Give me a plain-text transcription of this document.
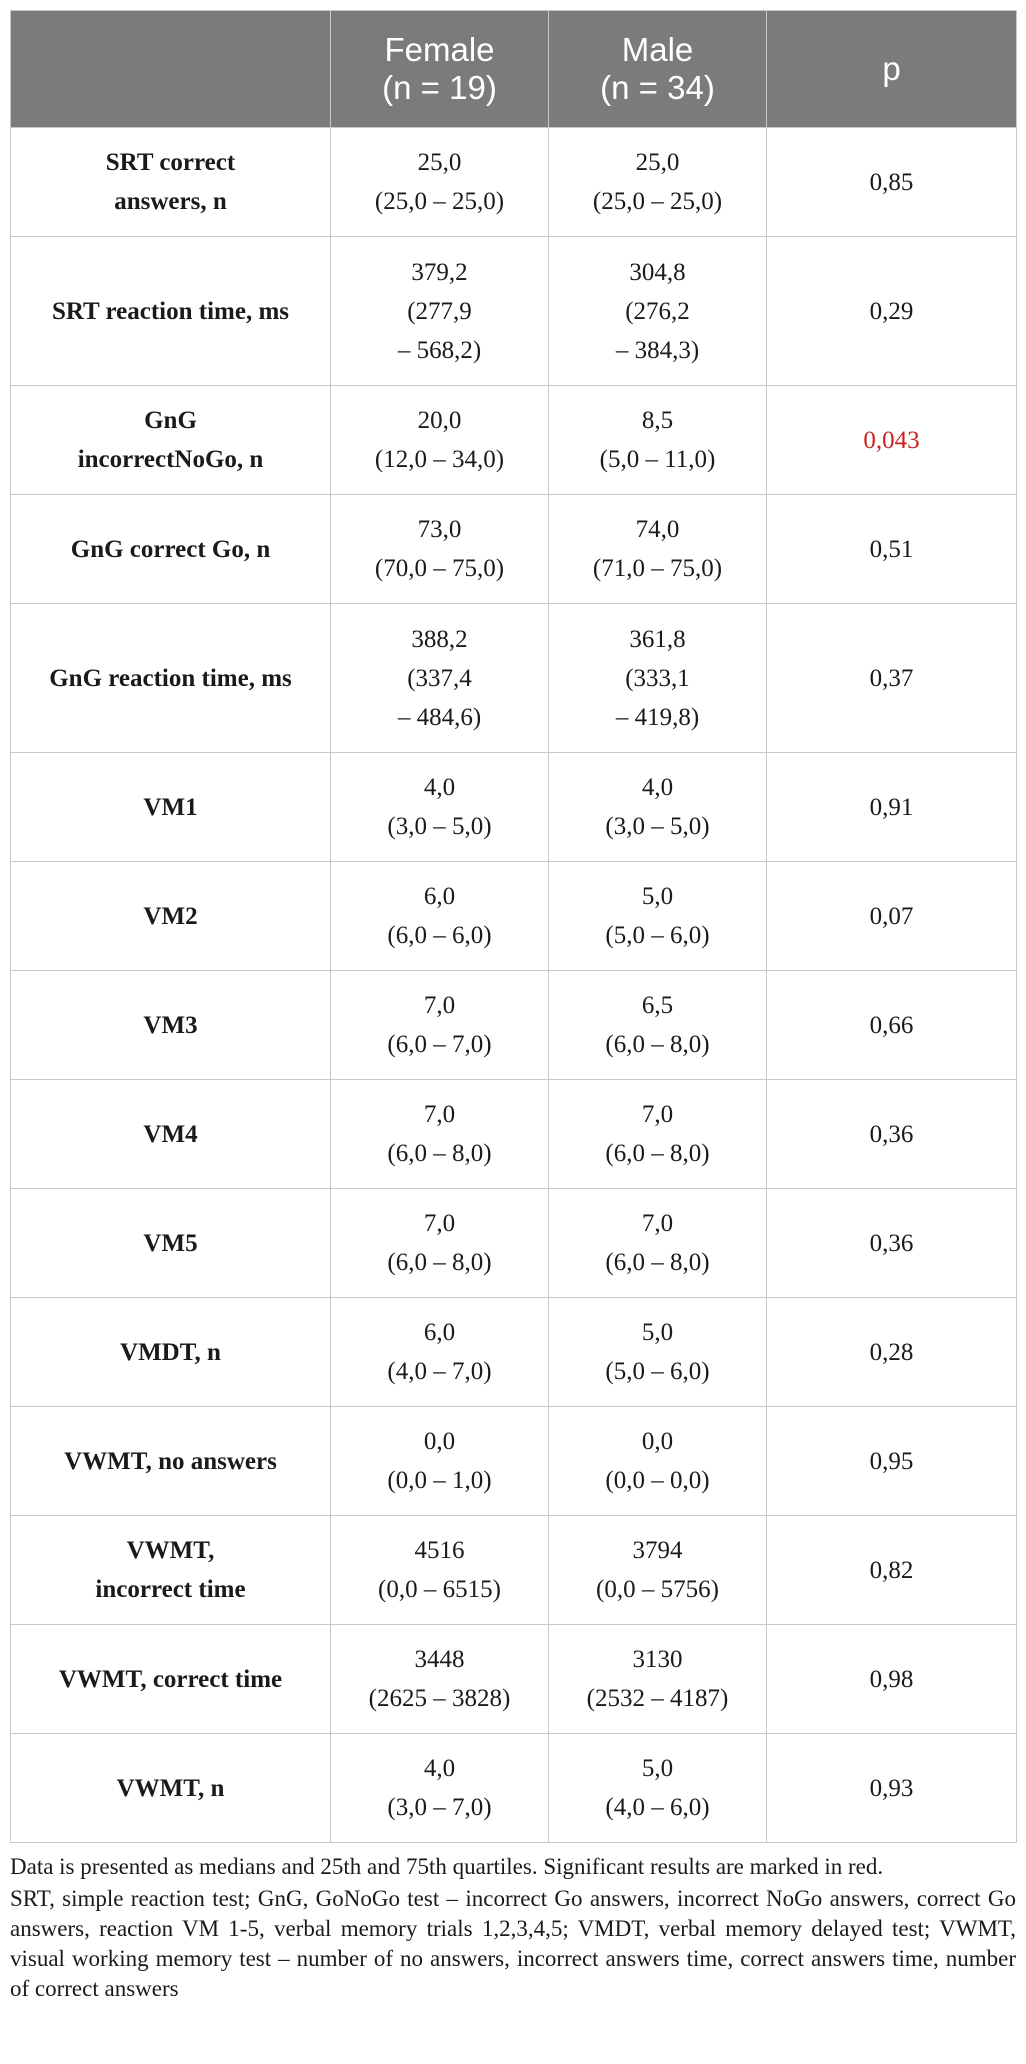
	Female
(n = 19)	Male
(n = 34)	p

SRT correct
answers, n	25,0
(25,0 – 25,0)	25,0
(25,0 – 25,0)	0,85

SRT reaction time, ms	379,2
(277,9
– 568,2)	304,8
(276,2
– 384,3)	0,29

GnG
incorrectNoGo, n	20,0
(12,0 – 34,0)	8,5
(5,0 – 11,0)	0,043

GnG correct Go, n	73,0
(70,0 – 75,0)	74,0
(71,0 – 75,0)	0,51

GnG reaction time, ms	388,2
(337,4
– 484,6)	361,8
(333,1
– 419,8)	0,37

VM1	4,0
(3,0 – 5,0)	4,0
(3,0 – 5,0)	0,91

VM2	6,0
(6,0 – 6,0)	5,0
(5,0 – 6,0)	0,07

VM3	7,0
(6,0 – 7,0)	6,5
(6,0 – 8,0)	0,66

VM4	7,0
(6,0 – 8,0)	7,0
(6,0 – 8,0)	0,36

VM5	7,0
(6,0 – 8,0)	7,0
(6,0 – 8,0)	0,36

VMDT, n	6,0
(4,0 – 7,0)	5,0
(5,0 – 6,0)	0,28

VWMT, no answers	0,0
(0,0 – 1,0)	0,0
(0,0 – 0,0)	0,95

VWMT,
incorrect time	4516
(0,0 – 6515)	3794
(0,0 – 5756)	0,82

VWMT, correct time	3448
(2625 – 3828)	3130
(2532 – 4187)	0,98

VWMT, n	4,0
(3,0 – 7,0)	5,0
(4,0 – 6,0)	0,93

Data is presented as medians and 25th and 75th quartiles. Significant results are marked in red.

SRT, simple reaction test; GnG, GoNoGo test – incorrect Go answers, incorrect NoGo answers, correct Go answers, reaction VM 1-5, verbal memory trials 1,2,3,4,5; VMDT, verbal memory delayed test; VWMT, visual working memory test – number of no answers, incorrect answers time, correct answers time, number of correct answers
